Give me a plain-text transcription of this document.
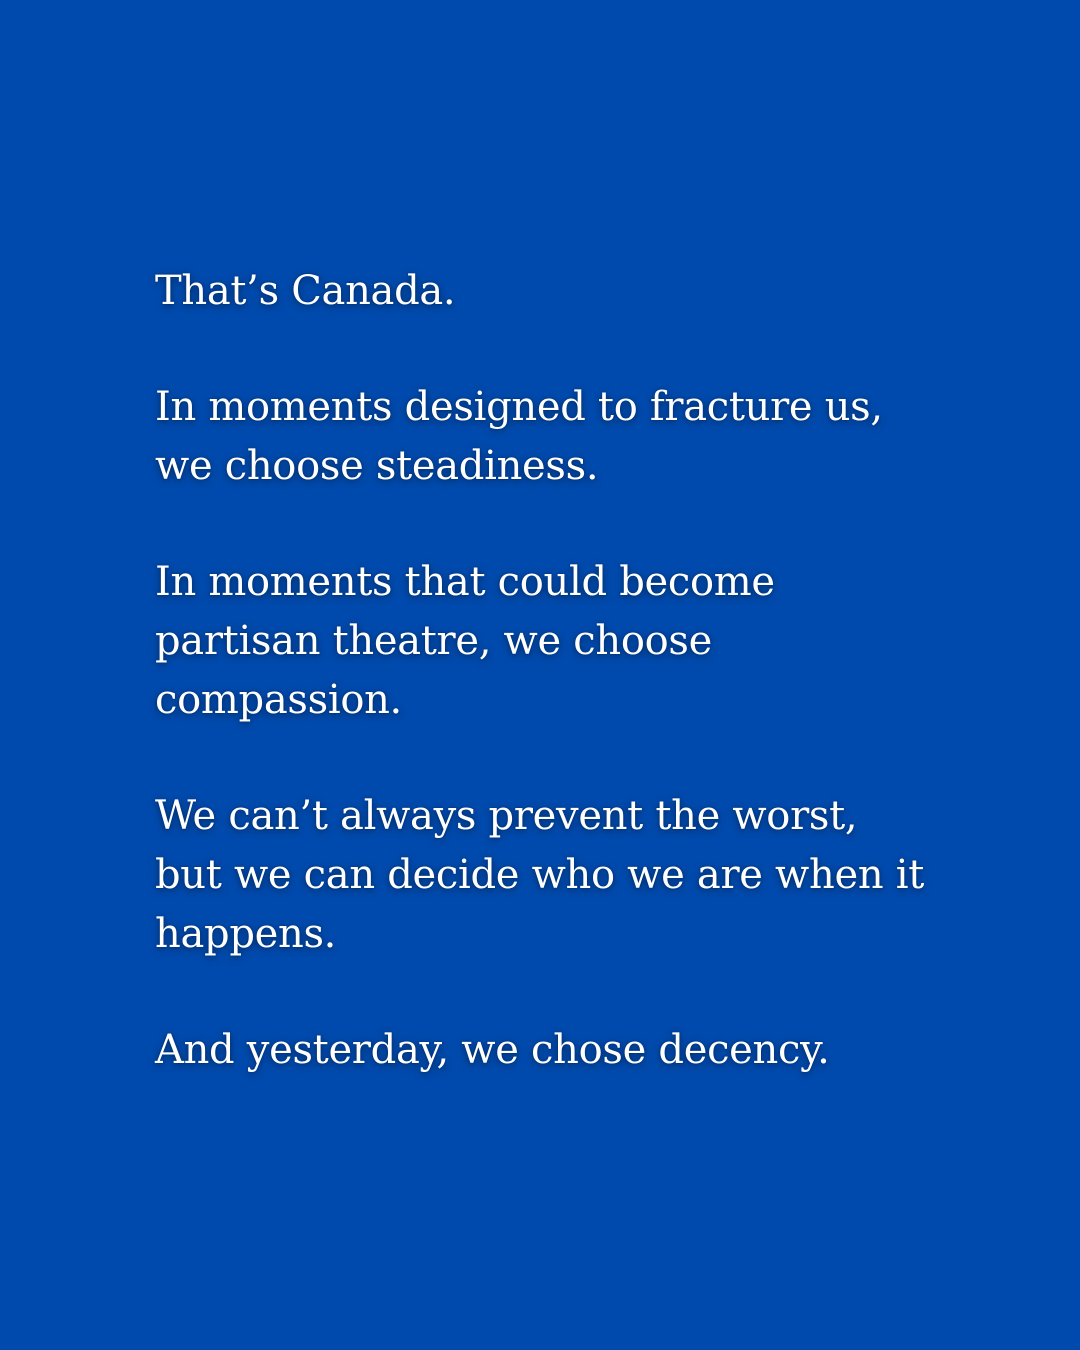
That’s Canada.

In moments designed to fracture us, we choose steadiness.

In moments that could become partisan theatre, we choose compassion.

We can’t always prevent the worst, but we can decide who we are when it happens.

And yesterday, we chose decency.
